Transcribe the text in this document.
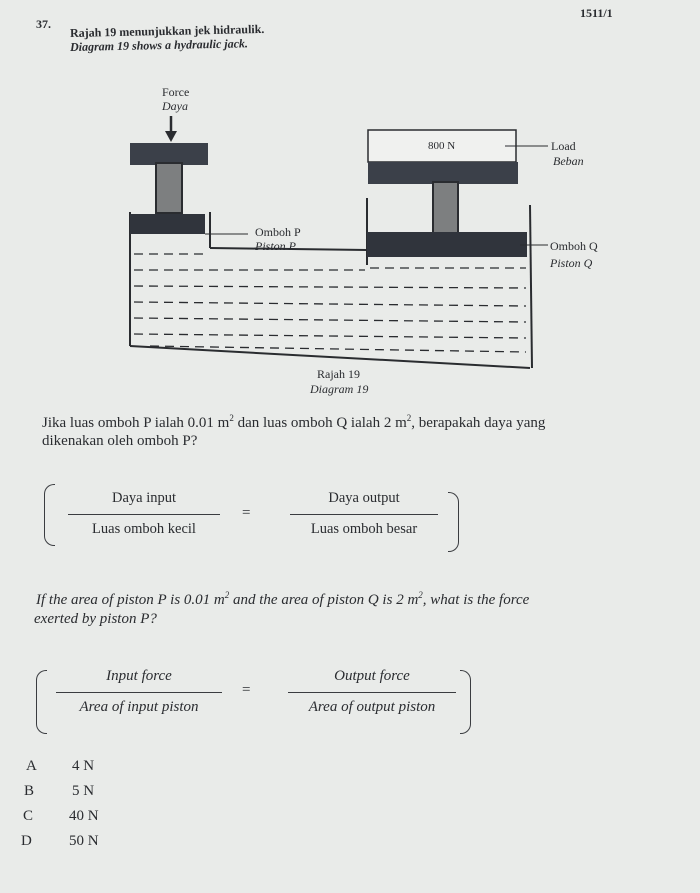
1511/1
37. Rajah 19 menunjukkan jek hidraulik.
Diagram 19 shows a hydraulic jack.
Force
Daya
800 N	Load
Beban
Omboh P
Piston P	Omboh Q
Piston Q
Rajah 19
Diagram 19
Jika luas omboh P ialah 0.01 $m^2$ dan luas omboh Q ialah 2 $m^2$, berapakah daya yang
dikenakan oleh omboh P?
Daya input
Luas omboh kecil
=
Daya output
Luas omboh besar
If the area of piston P is 0.01 $m^2$ and the area of piston Q is 2 $m^2$, what is the force
exerted by piston P?
Input force
Area of input piston
=
Output force
Area of output piston
A 4 N
B	5 N
C 40 N
D 50 N
